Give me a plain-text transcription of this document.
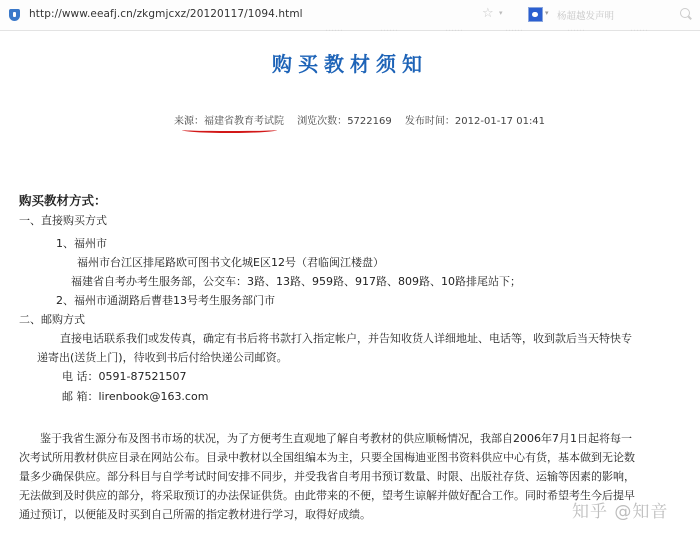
http://www.eeafj.cn/zkgmjcxz/20120117/1094.html	☆ ▾	▾ 杨超越发声明
……	……	……	……	……	……
购买教材须知
来源：福建省教育考试院 浏览次数：5722169 发布时间：2012-01-17 01:41
购买教材方式：
一、直接购买方式
1、福州市
福州市台江区排尾路欧可图书文化城E区12号（君临闽江楼盘）
福建省自考办考生服务部，公交车：3路、13路、959路、917路、809路、10路排尾站下；
2、福州市通湖路后曹巷13号考生服务部门市
二、邮购方式
直接电话联系我们或发传真，确定有书后将书款打入指定帐户，并告知收货人详细地址、电话等，收到款后当天特快专
递寄出(送货上门)，待收到书后付给快递公司邮资。
电 话：0591-87521507
邮 箱：lirenbook@163.com
鉴于我省生源分布及图书市场的状况，为了方便考生直观地了解自考教材的供应顺畅情况，我部自2006年7月1日起将每一
次考试所用教材供应目录在网站公布。目录中教材以全国组编本为主，只要全国梅迪亚图书资料供应中心有货，基本做到无论数
量多少确保供应。部分科目与自学考试时间安排不同步，并受我省自考用书预订数量、时限、出版社存货、运输等因素的影响，
无法做到及时供应的部分，将采取预订的办法保证供货。由此带来的不便，望考生谅解并做好配合工作。同时希望考生今后提早
通过预订，以便能及时买到自己所需的指定教材进行学习，取得好成绩。	知乎 @知音
